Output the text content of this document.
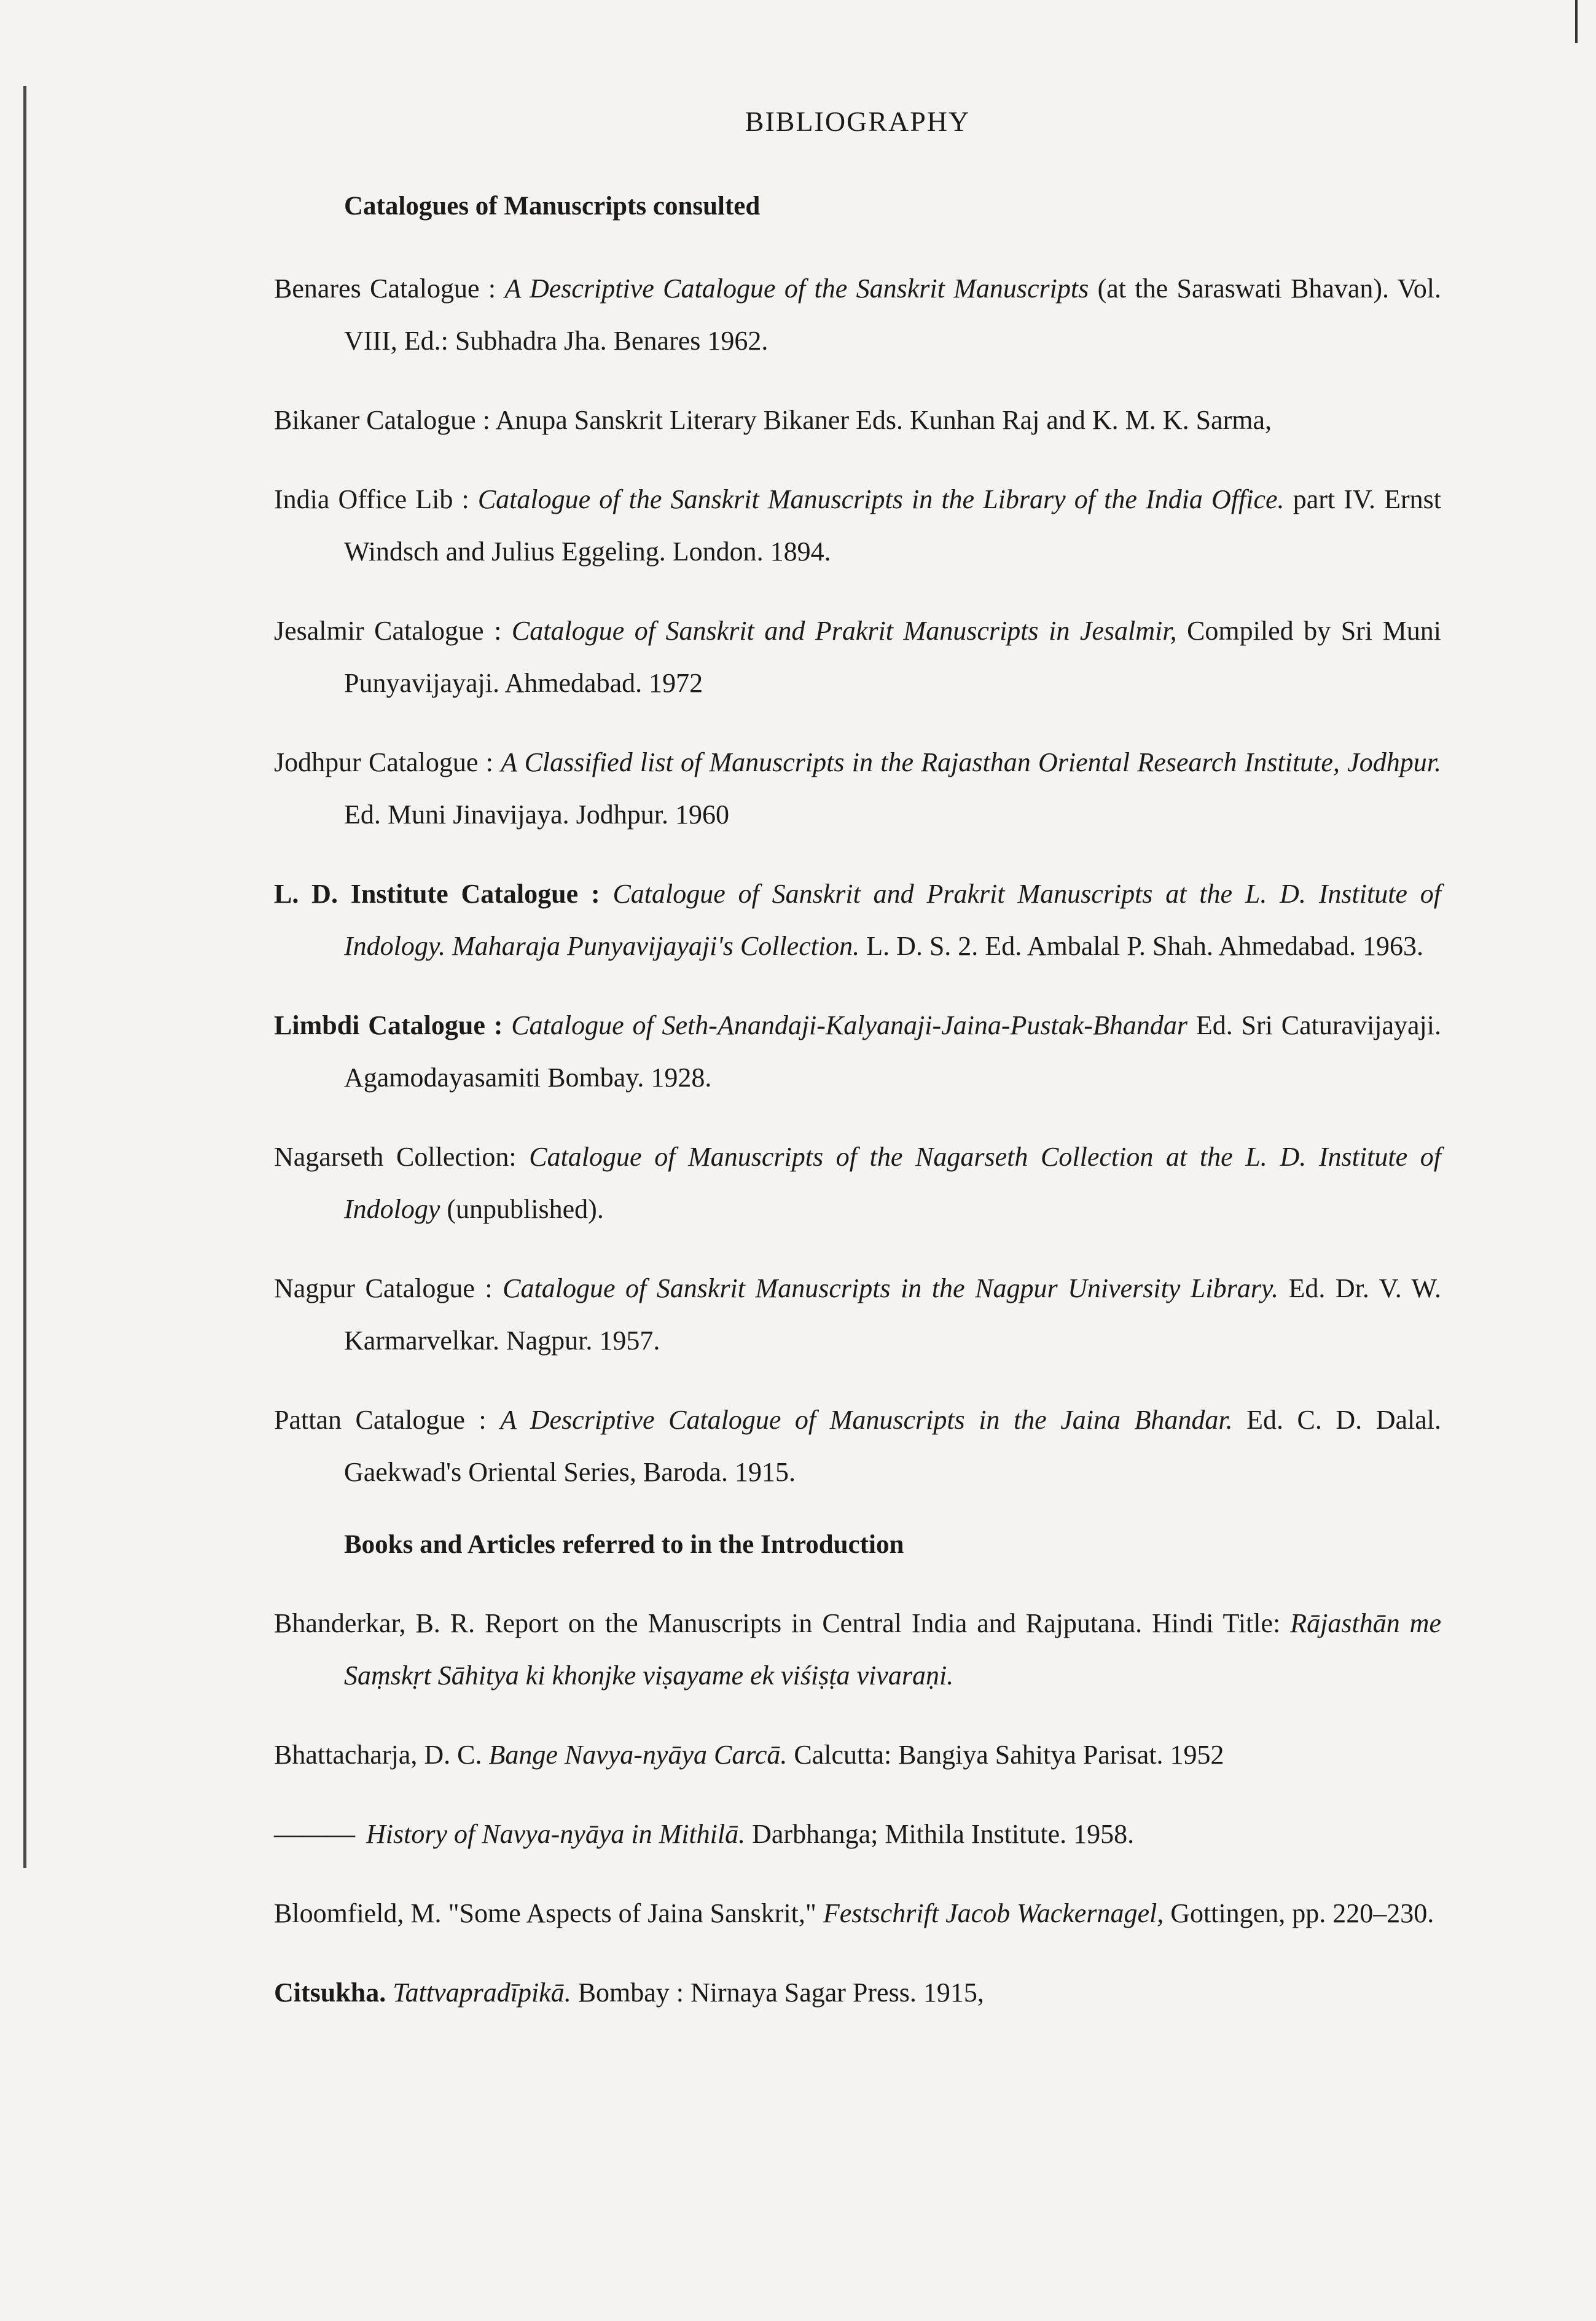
BIBLIOGRAPHY
Catalogues of Manuscripts consulted

Benares Catalogue : A Descriptive Catalogue of the Sanskrit Manuscripts (at the Saraswati Bhavan). Vol. VIII, Ed.: Subhadra Jha. Benares 1962.

Bikaner Catalogue : Anupa Sanskrit Literary Bikaner Eds. Kunhan Raj and K. M. K. Sarma,

India Office Lib : Catalogue of the Sanskrit Manuscripts in the Library of the India Office. part IV. Ernst Windsch and Julius Eggeling. London. 1894.

Jesalmir Catalogue : Catalogue of Sanskrit and Prakrit Manuscripts in Jesalmir, Compiled by Sri Muni Punyavijayaji. Ahmedabad. 1972

Jodhpur Catalogue : A Classified list of Manuscripts in the Rajasthan Oriental Research Institute, Jodhpur. Ed. Muni Jinavijaya. Jodhpur. 1960

L. D. Institute Catalogue : Catalogue of Sanskrit and Prakrit Manuscripts at the L. D. Institute of Indology. Maharaja Punyavijayaji's Collection. L. D. S. 2. Ed. Ambalal P. Shah. Ahmedabad. 1963.

Limbdi Catalogue : Catalogue of Seth-Anandaji-Kalyanaji-Jaina-Pustak-Bhandar Ed. Sri Caturavijayaji. Agamodayasamiti Bombay. 1928.

Nagarseth Collection: Catalogue of Manuscripts of the Nagarseth Collection at the L. D. Institute of Indology (unpublished).

Nagpur Catalogue : Catalogue of Sanskrit Manuscripts in the Nagpur University Library. Ed. Dr. V. W. Karmarvelkar. Nagpur. 1957.

Pattan Catalogue : A Descriptive Catalogue of Manuscripts in the Jaina Bhandar. Ed. C. D. Dalal. Gaekwad's Oriental Series, Baroda. 1915.

Books and Articles referred to in the Introduction

Bhanderkar, B. R. Report on the Manuscripts in Central India and Rajputana. Hindi Title: Rājasthān me Saṃskṛt Sāhitya ki khonjke viṣayame ek viśiṣṭa vivaraṇi.

Bhattacharja, D. C. Bange Navya-nyāya Carcā. Calcutta: Bangiya Sahitya Parisat. 1952

——— History of Navya-nyāya in Mithilā. Darbhanga; Mithila Institute. 1958.

Bloomfield, M. "Some Aspects of Jaina Sanskrit," Festschrift Jacob Wackernagel, Gottingen, pp. 220–230.

Citsukha. Tattvapradīpikā. Bombay : Nirnaya Sagar Press. 1915,
